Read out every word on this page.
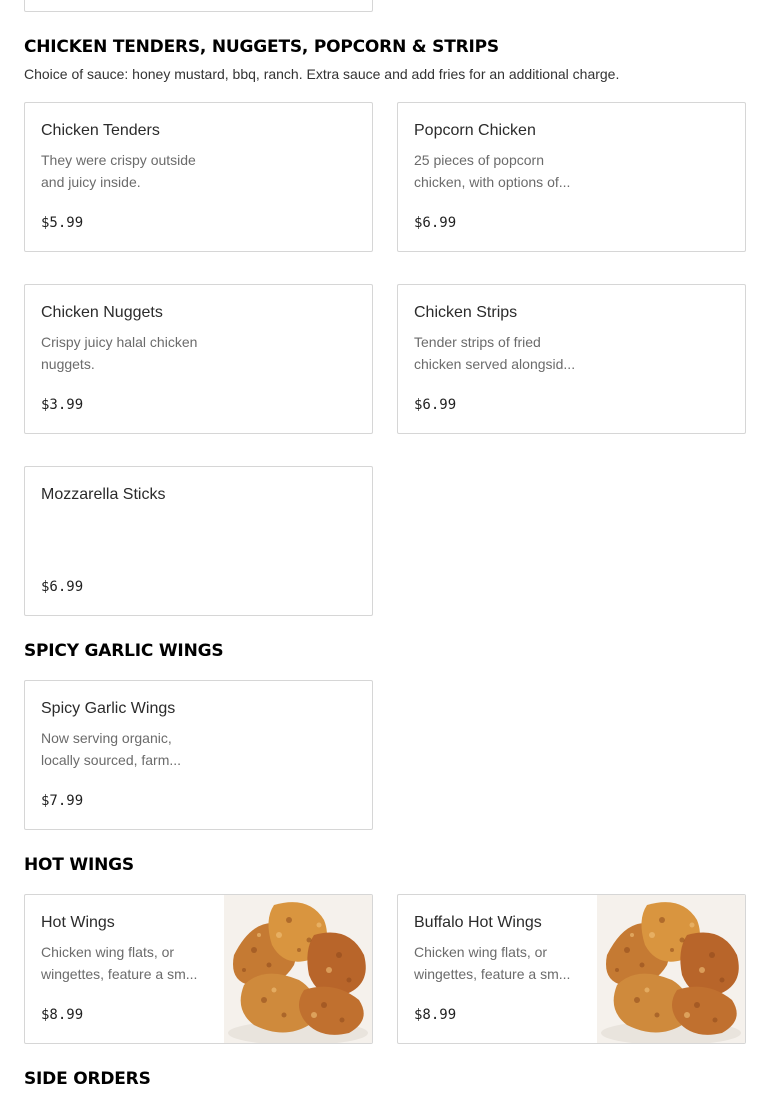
CHICKEN TENDERS, NUGGETS, POPCORN & STRIPS

Choice of sauce: honey mustard, bbq, ranch. Extra sauce and add fries for an additional charge.

Chicken Tenders
They were crispy outside
and juicy inside.
$5.99
Popcorn Chicken
25 pieces of popcorn
chicken, with options of...
$6.99
Chicken Nuggets
Crispy juicy halal chicken
nuggets.
$3.99
Chicken Strips
Tender strips of fried
chicken served alongsid...
$6.99
Mozzarella Sticks
$6.99
SPICY GARLIC WINGS
Spicy Garlic Wings
Now serving organic,
locally sourced, farm...
$7.99
HOT WINGS
Hot Wings
Chicken wing flats, or
wingettes, feature a sm...
$8.99
Buffalo Hot Wings
Chicken wing flats, or
wingettes, feature a sm...
$8.99
SIDE ORDERS
